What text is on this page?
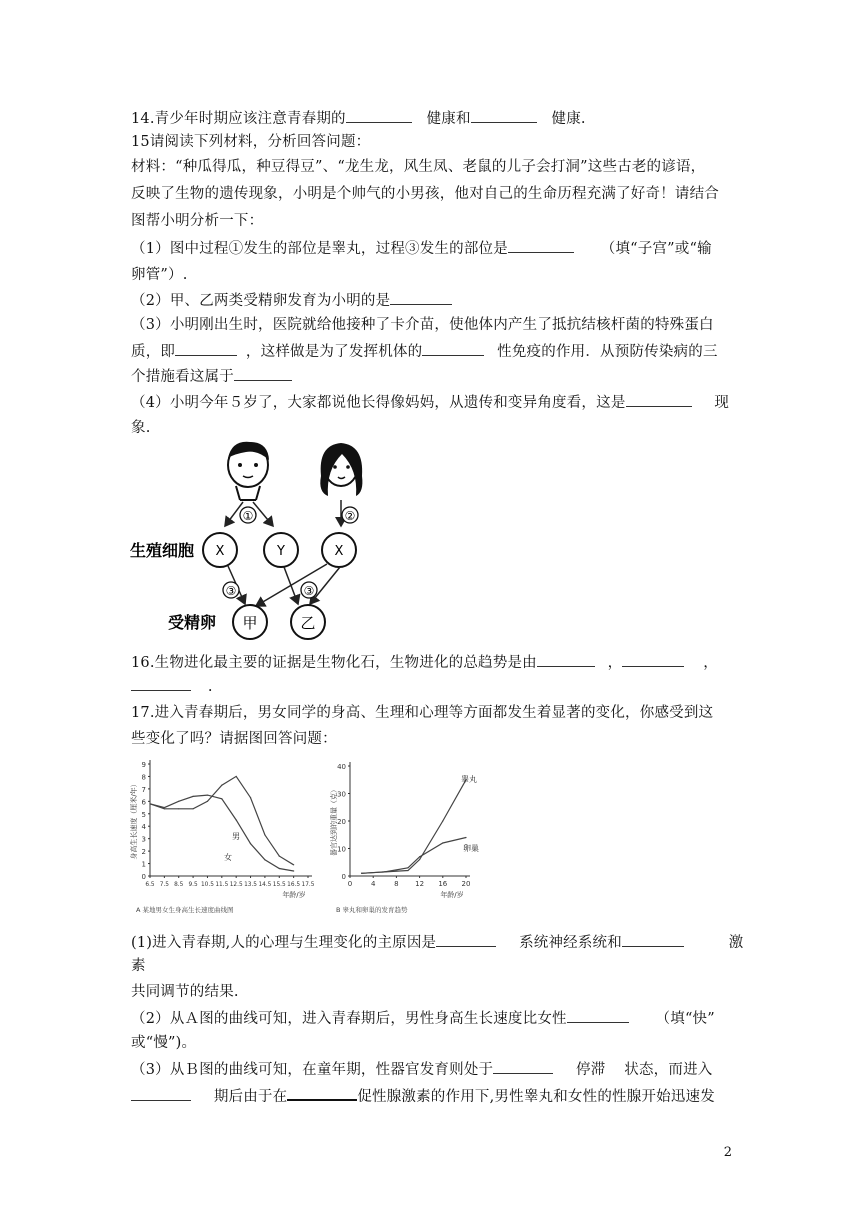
14.青少年时期应该注意青春期的	健康和	健康.
15请阅读下列材料，分析回答问题：
材料：“种瓜得瓜，种豆得豆”、“龙生龙，风生凤、老鼠的儿子会打洞”这些古老的谚语，
反映了生物的遗传现象，小明是个帅气的小男孩，他对自己的生命历程充满了好奇！请结合
图帮小明分析一下：
（1）图中过程①发生的部位是睾丸，过程③发生的部位是	（填“子宫”或“输
卵管”）.
（2）甲、乙两类受精卵发育为小明的是
（3）小明刚出生时，医院就给他接种了卡介苗，使他体内产生了抵抗结核杆菌的特殊蛋白
质，即	，这样做是为了发挥机体的	性免疫的作用．从预防传染病的三
个措施看这属于
（4）小明今年５岁了，大家都说他长得像妈妈，从遗传和变异角度看，这是	现
象.
①	②
生殖细胞 X	Y	X
③	③
受精卵 甲	乙
16.生物进化最主要的证据是生物化石，生物进化的总趋势是由	，	，
.
17.进入青春期后，男女同学的身高、生理和心理等方面都发生着显著的变化，你感受到这
些变化了吗？请据图回答问题：
0
1
2
3
4
5
6
7
8
9
6.5 7.5 8.5 9.5 10.5 11.5 12.5 13.5 14.5 15.5 16.5 17.5
身高生长速度（厘米/年）
年龄/岁
A 某地男女生身高生长速度曲线图
男
女
0
10
20
30
40
0	4	8 12 16 20
器官达到的重量（克）
年龄/岁
B 睾丸和卵巢的发育趋势
睾丸
卵巢
(1)进入青春期,人的心理与生理变化的主原因是	系统神经系统和	激
素
共同调节的结果.
（2）从Ａ图的曲线可知，进入青春期后，男性身高生长速度比女性	（填“快”
或“慢”)。
（3）从Ｂ图的曲线可知，在童年期，性器官发育则处于	停滞 状态，而进入
期后由于在	促性腺激素的作用下,男性睾丸和女性的性腺开始迅速发
2
